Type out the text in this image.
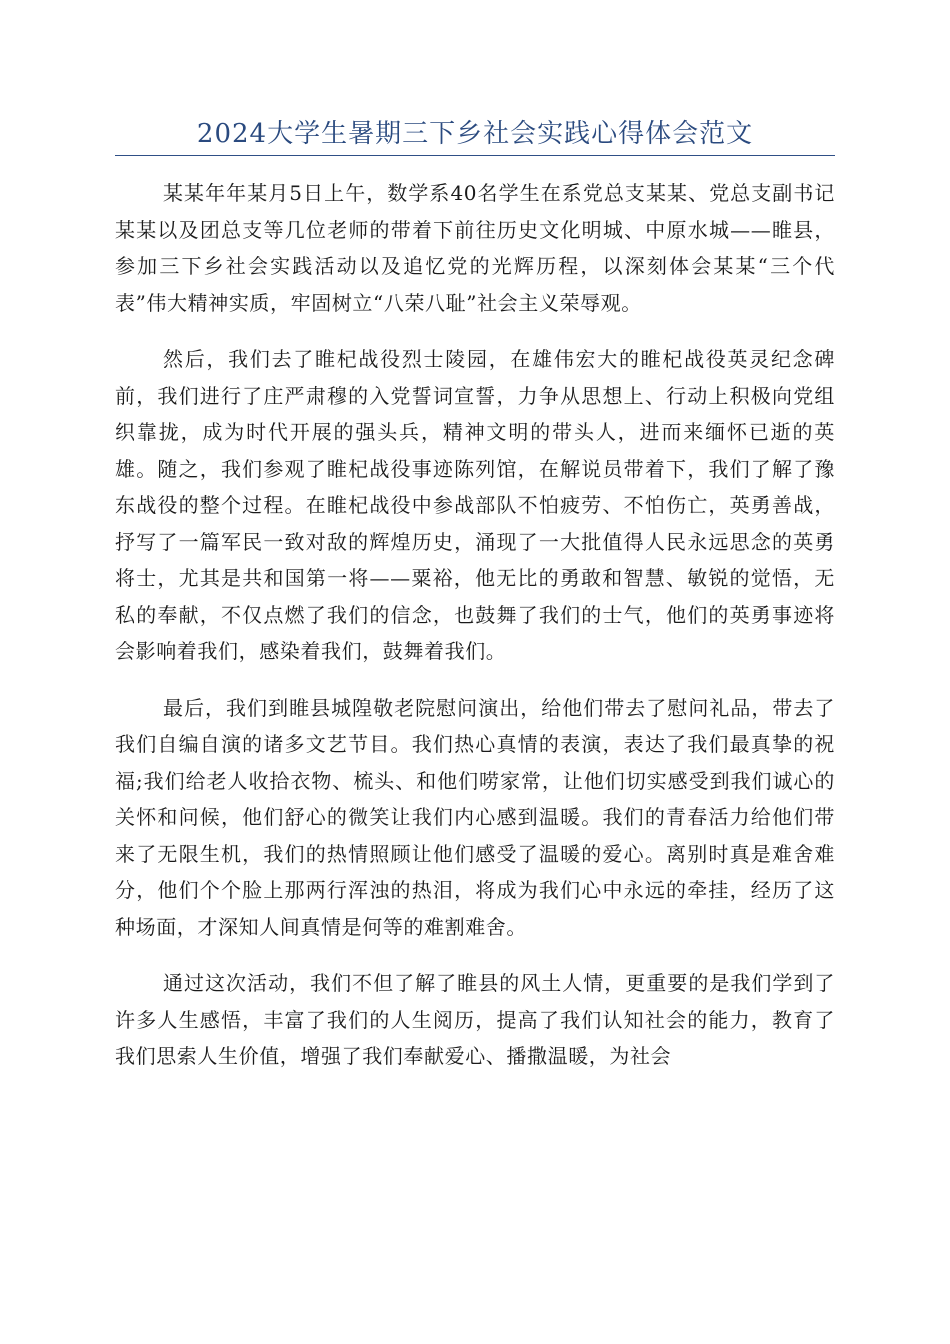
2024大学生暑期三下乡社会实践心得体会范文

某某年年某月5日上午，数学系40名学生在系党总支某某、党总支副书记某某以及团总支等几位老师的带着下前往历史文化明城、中原水城——睢县，参加三下乡社会实践活动以及追忆党的光辉历程，以深刻体会某某“三个代表”伟大精神实质，牢固树立“八荣八耻”社会主义荣辱观。

然后，我们去了睢杞战役烈士陵园，在雄伟宏大的睢杞战役英灵纪念碑前，我们进行了庄严肃穆的入党誓词宣誓，力争从思想上、行动上积极向党组织靠拢，成为时代开展的强头兵，精神文明的带头人，进而来缅怀已逝的英雄。随之，我们参观了睢杞战役事迹陈列馆，在解说员带着下，我们了解了豫东战役的整个过程。在睢杞战役中参战部队不怕疲劳、不怕伤亡，英勇善战，抒写了一篇军民一致对敌的辉煌历史，涌现了一大批值得人民永远思念的英勇将士，尤其是共和国第一将——粟裕，他无比的勇敢和智慧、敏锐的觉悟，无私的奉献，不仅点燃了我们的信念，也鼓舞了我们的士气，他们的英勇事迹将会影响着我们，感染着我们，鼓舞着我们。

最后，我们到睢县城隍敬老院慰问演出，给他们带去了慰问礼品，带去了我们自编自演的诸多文艺节目。我们热心真情的表演，表达了我们最真挚的祝福;我们给老人收拾衣物、梳头、和他们唠家常，让他们切实感受到我们诚心的关怀和问候，他们舒心的微笑让我们内心感到温暖。我们的青春活力给他们带来了无限生机，我们的热情照顾让他们感受了温暖的爱心。离别时真是难舍难分，他们个个脸上那两行浑浊的热泪，将成为我们心中永远的牵挂，经历了这种场面，才深知人间真情是何等的难割难舍。

通过这次活动，我们不但了解了睢县的风土人情，更重要的是我们学到了许多人生感悟，丰富了我们的人生阅历，提高了我们认知社会的能力，教育了我们思索人生价值，增强了我们奉献爱心、播撒温暖，为社会
